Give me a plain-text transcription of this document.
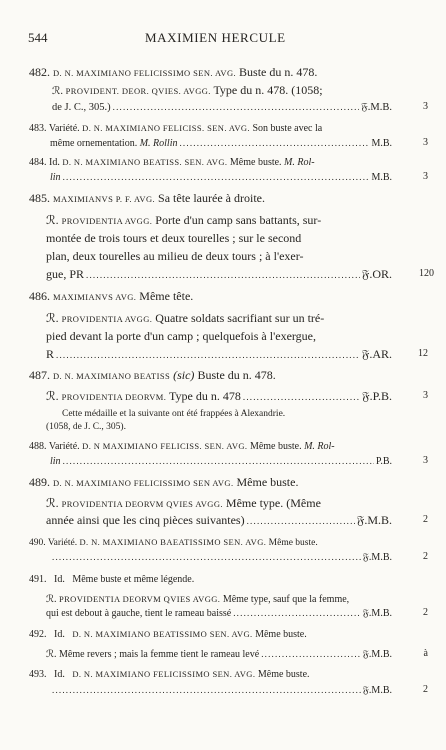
544	MAXIMIEN HERCULE
482. D. N. MAXIMIANO FELICISSIMO SEN. AVG. Buste du n. 478.
ℛ. PROVIDENT. DEOR. QVIES. AVGG. Type du n. 478. (1058;
de J. C., 305.) .....	𝔉.M.B.	3
483. Variété. D. N. MAXIMIANO FELICISS. SEN. AVG. Son buste avec la
même ornementation. M. Rollin .....	M.B.	3
484. Id. D. N. MAXIMIANO BEATISS. SEN. AVG. Même buste. M. Rol-
lin .....	M.B.	3
485. MAXIMIANVS P. F. AVG. Sa tête laurée à droite.
ℛ. PROVIDENTIA AVGG. Porte d'un camp sans battants, sur-
montée de trois tours et deux tourelles ; sur le second
plan, deux tourelles au milieu de deux tours ; à l'exer-
gue, PR .....	𝔉.OR.	120
486. MAXIMIANVS AVG. Même tête.
ℛ. PROVIDENTIA AVGG. Quatre soldats sacrifiant sur un tré-
pied devant la porte d'un camp ; quelquefois à l'exergue,
R .....	𝔉.AR.	12
487. D. N. MAXIMIANO BEATISS (sic) Buste du n. 478.
ℛ. PROVIDENTIA DEORVM. Type du n. 478 .....	𝔉.P.B.	3
Cette médaille et la suivante ont été frappées à Alexandrie.
(1058, de J. C., 305).
488. Variété. D. N MAXIMIANO FELICISS. SEN. AVG. Même buste. M. Rol-
lin .....	P.B.	3
489. D. N. MAXIMIANO FELICISSIMO SEN AVG. Même buste.
ℛ. PROVIDENTIA DEORVM QVIES AVGG. Même type. (Même
année ainsi que les cinq pièces suivantes) .....	𝔉.M.B.	2
490. Variété. D. N. MAXIMIANO BAEATISSIMO SEN. AVG. Même buste.
.....
𝔉.M.B.	2
491. Id. Même buste et même légende.
ℛ. PROVIDENTIA DEORVM QVIES AVGG. Même type, sauf que la femme,
qui est debout à gauche, tient le rameau baissé .....	𝔉.M.B.	2
492. Id. D. N. MAXIMIANO BEATISSIMO SEN. AVG. Même buste.
ℛ. Même revers ; mais la femme tient le rameau levé .....	𝔉.M.B.	à
493. Id. D. N. MAXIMIANO FELICISSIMO SEN. AVG. Même buste.
.....
𝔉.M.B.	2
